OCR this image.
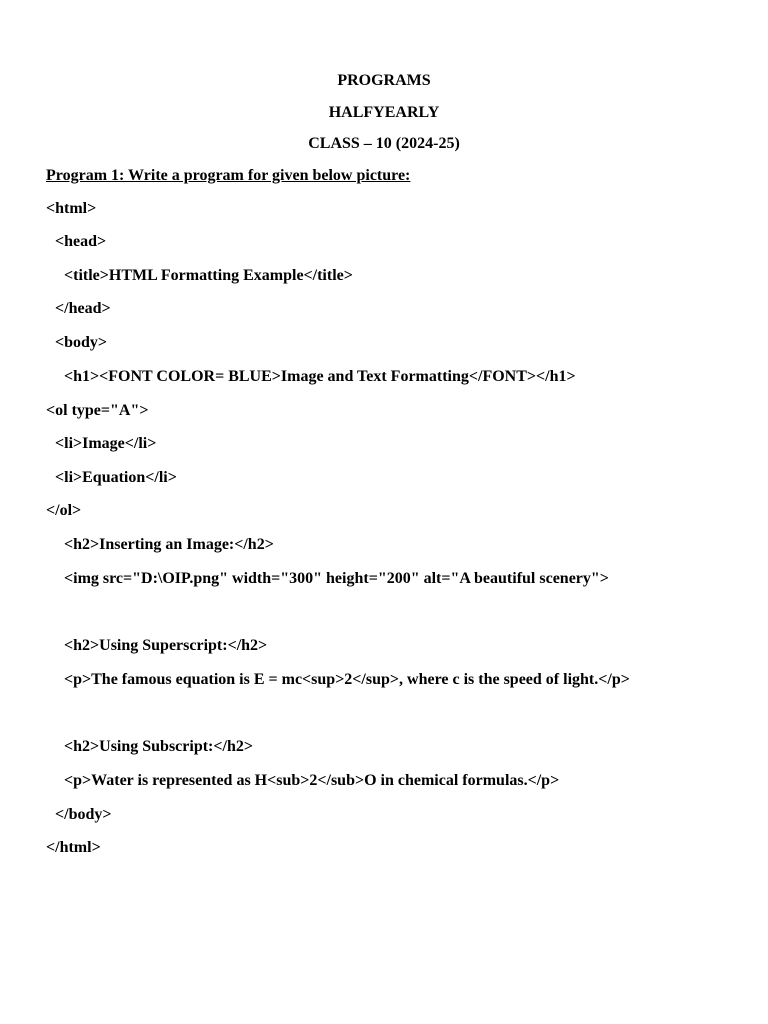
PROGRAMS
HALFYEARLY
CLASS – 10 (2024-25)
Program 1: Write a program for given below picture:
<html>
<head>
<title>HTML Formatting Example</title>
</head>
<body>
<h1><FONT COLOR= BLUE>Image and Text Formatting</FONT></h1>
<ol type="A">
<li>Image</li>
<li>Equation</li>
</ol>
<h2>Inserting an Image:</h2>
<img src="D:\OIP.png" width="300" height="200" alt="A beautiful scenery">
<h2>Using Superscript:</h2>
<p>The famous equation is E = mc<sup>2</sup>, where c is the speed of light.</p>
<h2>Using Subscript:</h2>
<p>Water is represented as H<sub>2</sub>O in chemical formulas.</p>
</body>
</html>
